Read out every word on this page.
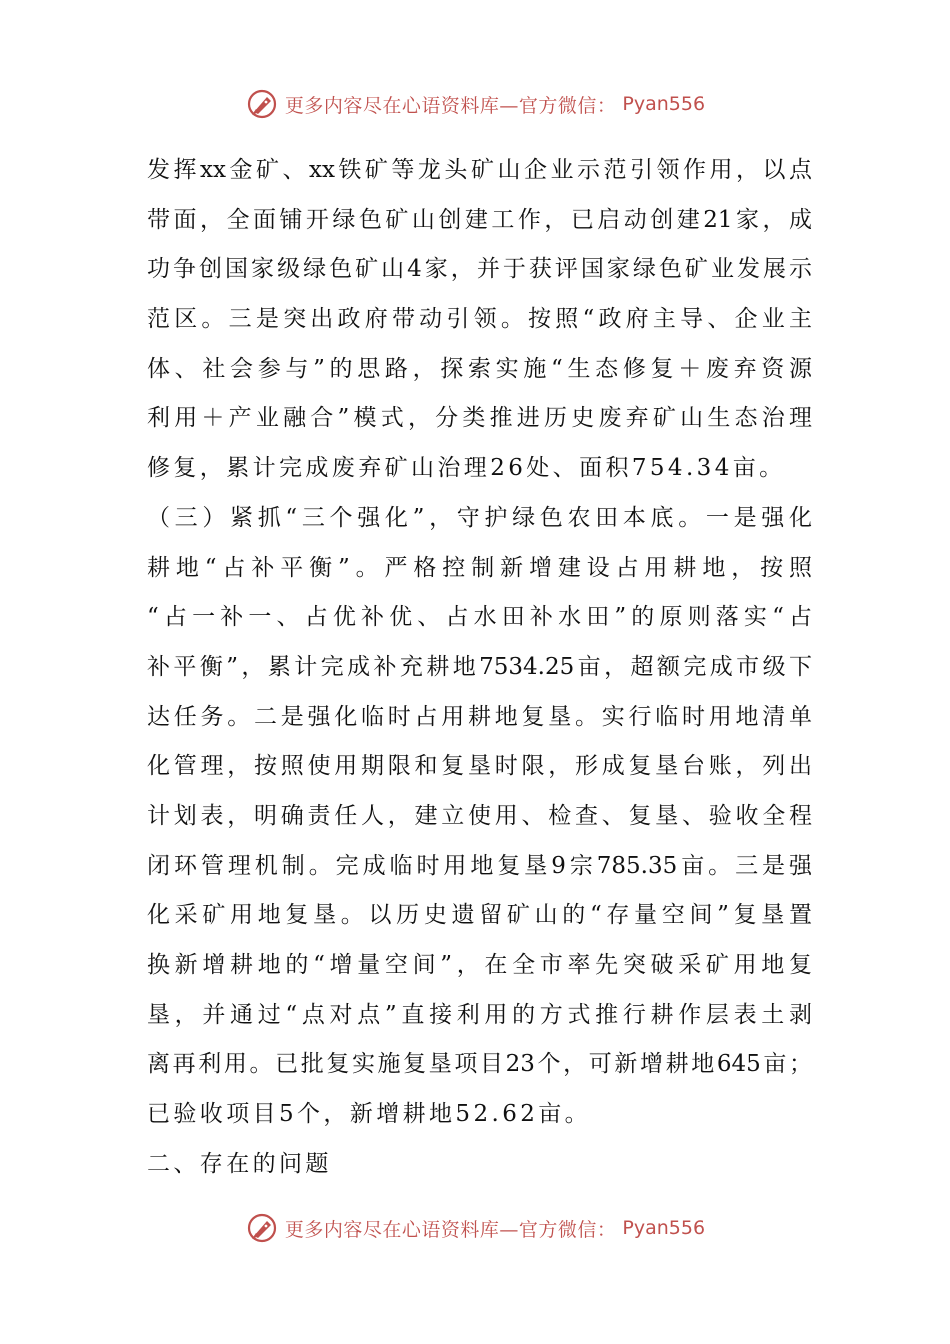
更多内容尽在心语资料库—官方微信： Pyan556
发挥xx金矿、xx铁矿等龙头矿山企业示范引领作用，以点
带面，全面铺开绿色矿山创建工作，已启动创建21家，成
功争创国家级绿色矿山4家，并于获评国家绿色矿业发展示
范区。三是突出政府带动引领。按照“政府主导、企业主
体、社会参与”的思路，探索实施“生态修复＋废弃资源
利用＋产业融合”模式，分类推进历史废弃矿山生态治理
修复，累计完成废弃矿山治理26处、面积754.34亩。
（三）紧抓“三个强化”，守护绿色农田本底。一是强化
耕地“占补平衡”。严格控制新增建设占用耕地，按照
“占一补一、占优补优、占水田补水田”的原则落实“占
补平衡”，累计完成补充耕地7534.25亩，超额完成市级下
达任务。二是强化临时占用耕地复垦。实行临时用地清单
化管理，按照使用期限和复垦时限，形成复垦台账，列出
计划表，明确责任人，建立使用、检查、复垦、验收全程
闭环管理机制。完成临时用地复垦9宗785.35亩。三是强
化采矿用地复垦。以历史遗留矿山的“存量空间”复垦置
换新增耕地的“增量空间”，在全市率先突破采矿用地复
垦，并通过“点对点”直接利用的方式推行耕作层表土剥
离再利用。已批复实施复垦项目23个，可新增耕地645亩；
已验收项目5个，新增耕地52.62亩。
二、存在的问题
更多内容尽在心语资料库—官方微信： Pyan556
